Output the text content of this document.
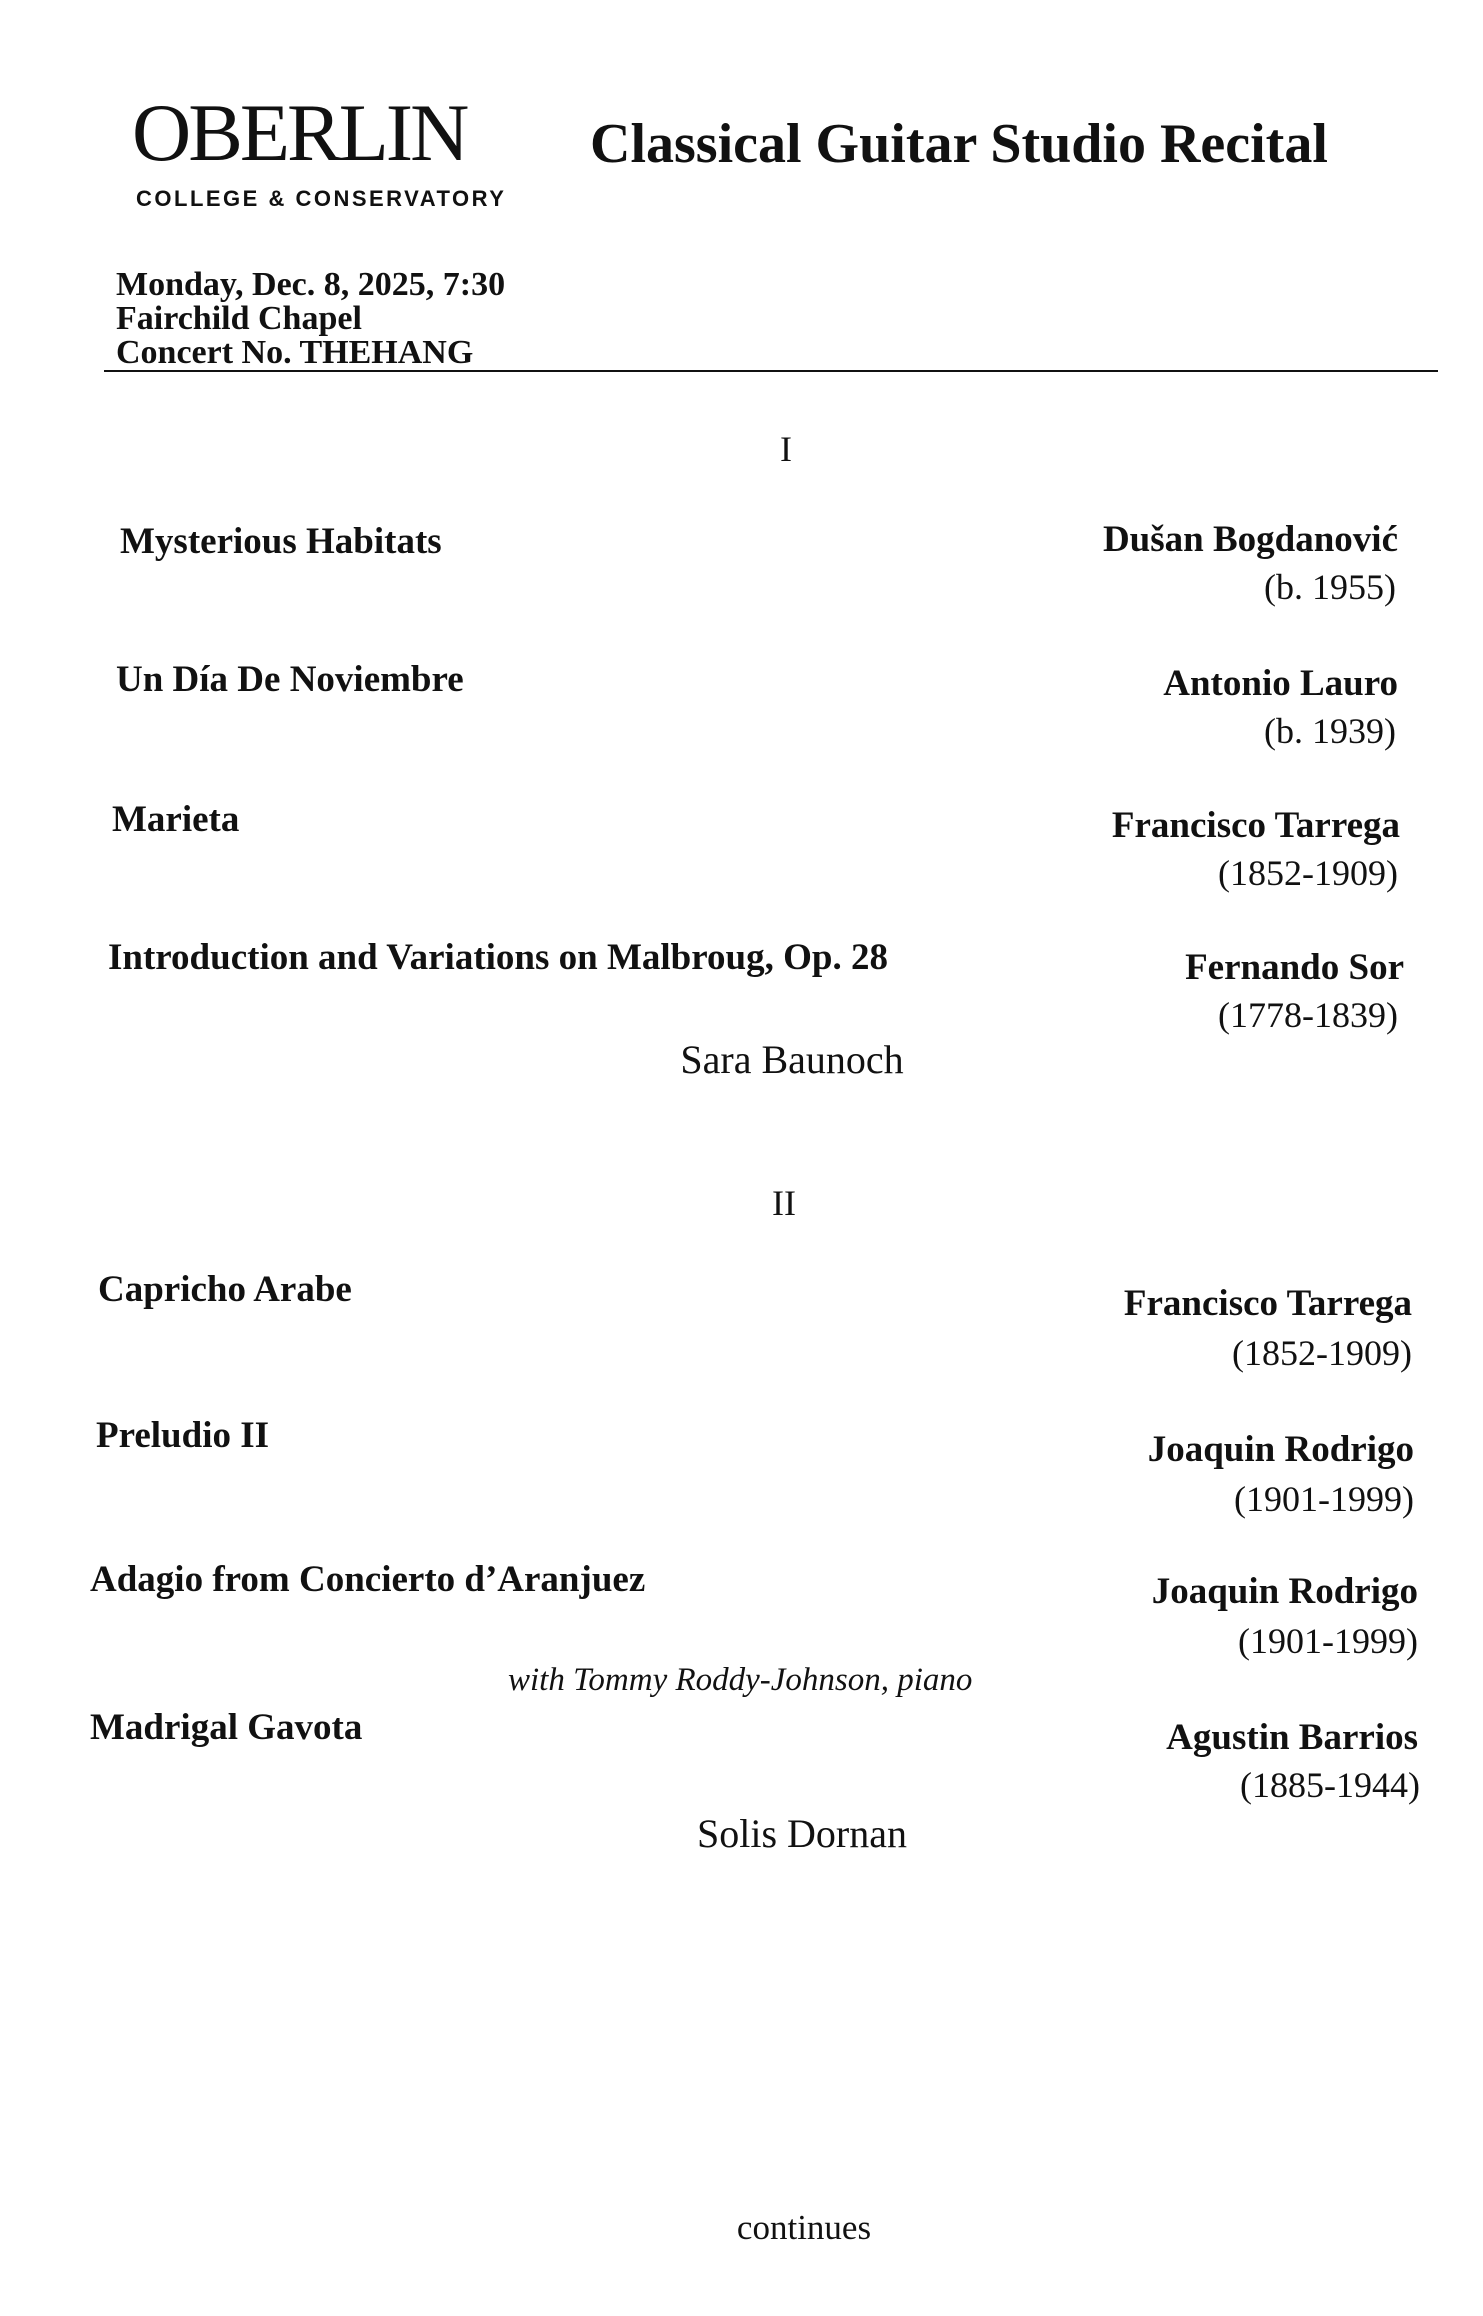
OBERLIN
COLLEGE & CONSERVATORY
Classical Guitar Studio Recital
Monday, Dec. 8, 2025, 7:30
Fairchild Chapel
Concert No. THEHANG
I
Mysterious Habitats	Dušan Bogdanović
(b. 1955)
Un Día De Noviembre	Antonio Lauro
(b. 1939)
Marieta	Francisco Tarrega
(1852-1909)
Introduction and Variations on Malbroug, Op. 28	Fernando Sor
(1778-1839)
Sara Baunoch
II
Capricho Arabe	Francisco Tarrega
(1852-1909)
Preludio II	Joaquin Rodrigo
(1901-1999)
Adagio from Concierto d’Aranjuez	Joaquin Rodrigo
(1901-1999)
with Tommy Roddy-Johnson, piano
Madrigal Gavota	Agustin Barrios
(1885-1944)
Solis Dornan
continues
